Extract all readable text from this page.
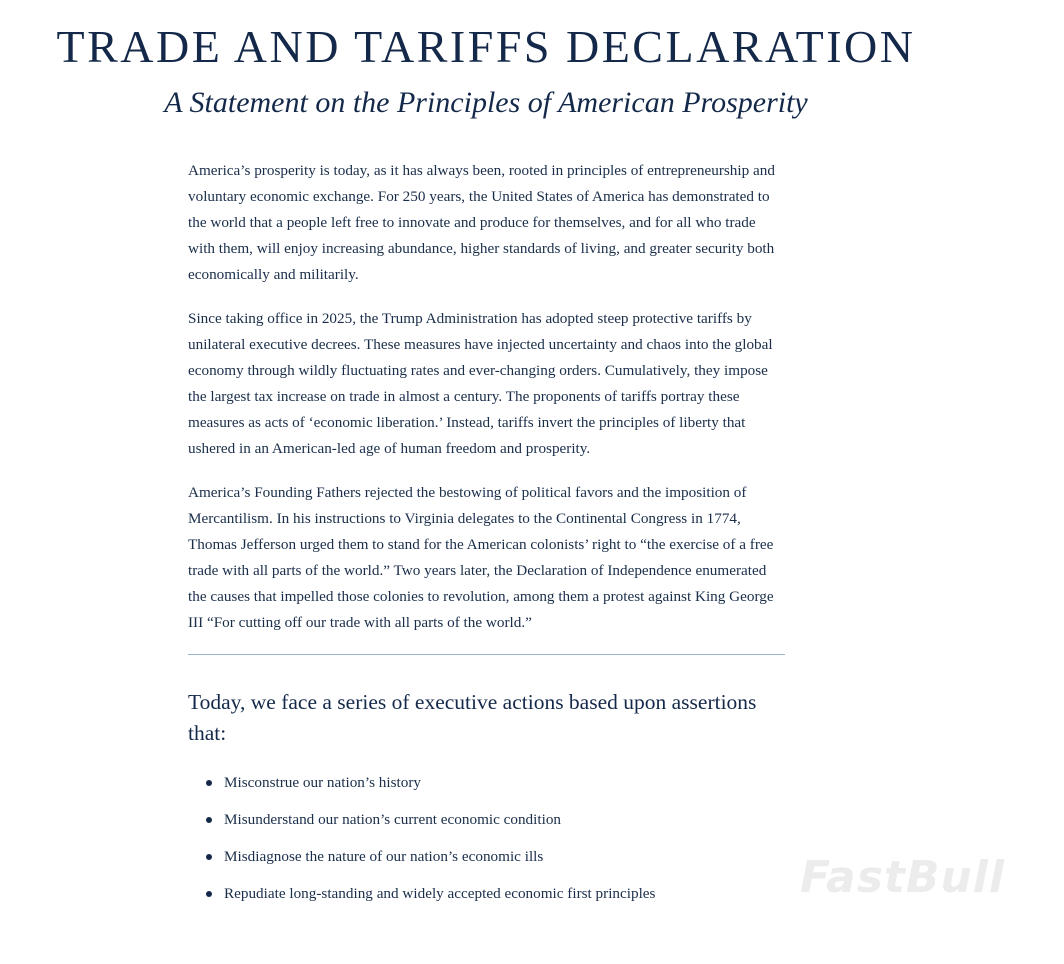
TRADE AND TARIFFS DECLARATION
A Statement on the Principles of American Prosperity

America’s prosperity is today, as it has always been, rooted in principles of entrepreneurship and voluntary economic exchange. For 250 years, the United States of America has demonstrated to the world that a people left free to innovate and produce for themselves, and for all who trade with them, will enjoy increasing abundance, higher standards of living, and greater security both economically and militarily.

Since taking office in 2025, the Trump Administration has adopted steep protective tariffs by unilateral executive decrees. These measures have injected uncertainty and chaos into the global economy through wildly fluctuating rates and ever-changing orders. Cumulatively, they impose the largest tax increase on trade in almost a century. The proponents of tariffs portray these measures as acts of ‘economic liberation.’ Instead, tariffs invert the principles of liberty that ushered in an American-led age of human freedom and prosperity.

America’s Founding Fathers rejected the bestowing of political favors and the imposition of Mercantilism. In his instructions to Virginia delegates to the Continental Congress in 1774, Thomas Jefferson urged them to stand for the American colonists’ right to “the exercise of a free trade with all parts of the world.” Two years later, the Declaration of Independence enumerated the causes that impelled those colonies to revolution, among them a protest against King George III “For cutting off our trade with all parts of the world.”

Today, we face a series of executive actions based upon assertions that:
Misconstrue our nation’s history
Misunderstand our nation’s current economic condition
Misdiagnose the nature of our nation’s economic ills
Repudiate long-standing and widely accepted economic first principles	FastBull
